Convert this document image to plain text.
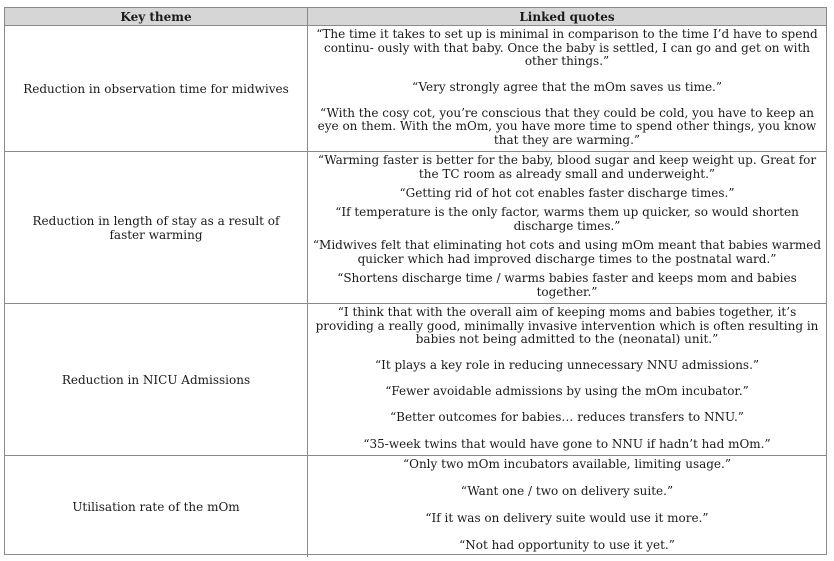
Key theme	Linked quotes
Reduction in observation time for midwives

“The time it takes to set up is minimal in comparison to the time I’d have to spend continu- ously with that baby. Once the baby is settled, I can go and get on with other things.”

“Very strongly agree that the mOm saves us time.”

“With the cosy cot, you’re conscious that they could be cold, you have to keep an eye on them. With the mOm, you have more time to spend other things, you know that they are warming.”

Reduction in length of stay as a result of faster warming

“Warming faster is better for the baby, blood sugar and keep weight up. Great for the TC room as already small and underweight.”

“Getting rid of hot cot enables faster discharge times.”

“If temperature is the only factor, warms them up quicker, so would shorten discharge times.”

“Midwives felt that eliminating hot cots and using mOm meant that babies warmed quicker which had improved discharge times to the postnatal ward.”

“Shortens discharge time / warms babies faster and keeps mom and babies together.”

Reduction in NICU Admissions

“I think that with the overall aim of keeping moms and babies together, it’s providing a really good, minimally invasive intervention which is often resulting in babies not being admitted to the (neonatal) unit.”

“It plays a key role in reducing unnecessary NNU admissions.”

“Fewer avoidable admissions by using the mOm incubator.”

“Better outcomes for babies… reduces transfers to NNU.”

“35-week twins that would have gone to NNU if hadn’t had mOm.”

Utilisation rate of the mOm

“Only two mOm incubators available, limiting usage.”

“Want one / two on delivery suite.”

“If it was on delivery suite would use it more.”

“Not had opportunity to use it yet.”
